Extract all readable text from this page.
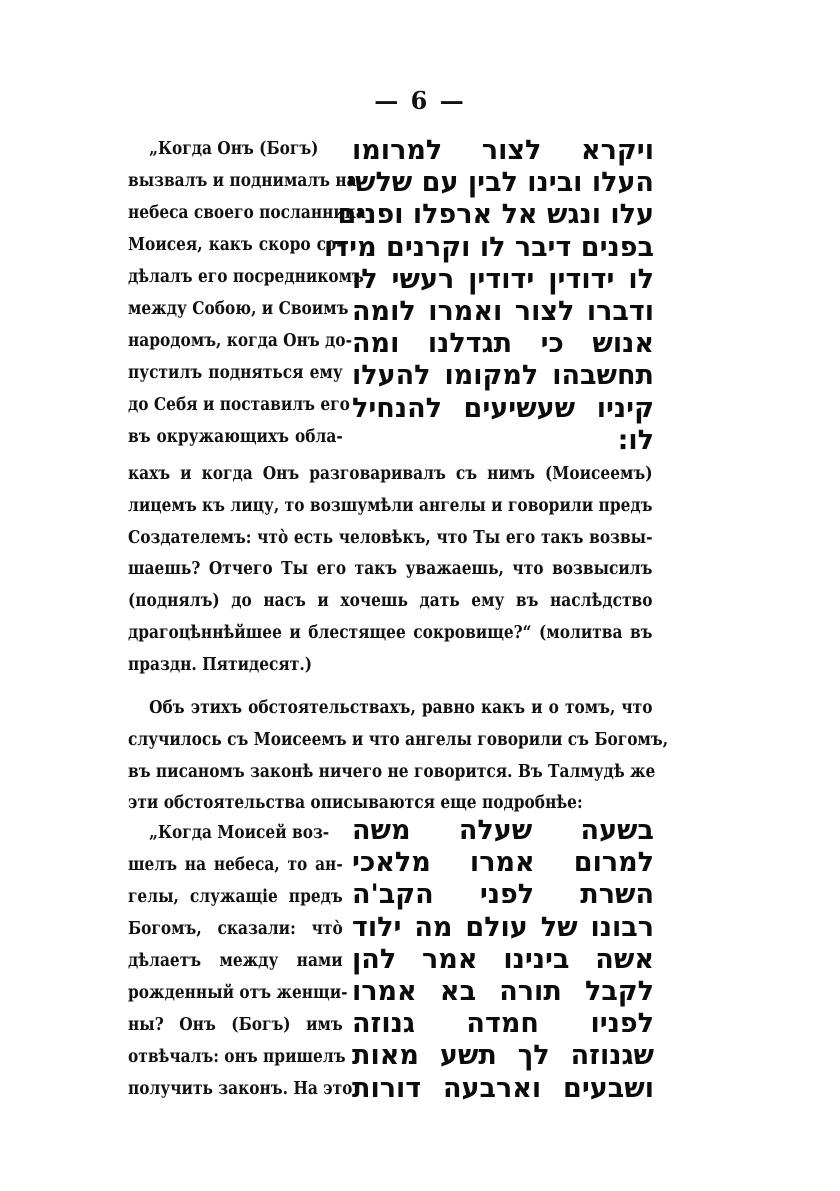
— 6 —
„Когда Онъ (Богъ)
вызвалъ и поднималъ на
небеса своего посланника
Моисея, какъ скоро со-
дѣлалъ его посредникомъ
между Собою, и Своимъ
народомъ, когда Онъ до-
пустилъ подняться ему
до Себя и поставилъ его
въ окружающихъ обла-
ויקרא לצור למרומו
העלו ובינו לבין עם שלשי
עלו ונגש אל ארפלו ופנים
בפנים דיבר לו וקרנים מידו
לו ידודין ידודין רעשי לו
ודברו לצור ואמרו לומה
אנוש כי תגדלנו ומה
תחשבהו למקומו להעלו
קיניו שעשיעים להנחיל
לו:
кахъ и когда Онъ разговаривалъ съ нимъ (Моисеемъ)
лицемъ къ лицу, то возшумѣли ангелы и говорили предъ
Создателемъ: что̀ есть человѣкъ, что Ты его такъ возвы-
шаешь? Отчего Ты его такъ уважаешь, что возвысилъ
(поднялъ) до насъ и хочешь дать ему въ наслѣдство
драгоцѣннѣйшее и блестящее сокровище?“ (молитва въ
праздн. Пятидесят.)
Объ этихъ обстоятельствахъ, равно какъ и о томъ, что
случилось съ Моисеемъ и что ангелы говорили съ Богомъ,
въ писаномъ законѣ ничего не говорится. Въ Талмудѣ же
эти обстоятельства описываются еще подробнѣе:
„Когда Моисей воз-
шелъ на небеса, то ан-
гелы, служащіе предъ
Богомъ, сказали: что̀
дѣлаетъ между нами
рожденный отъ женщи-
ны? Онъ (Богъ) имъ
отвѣчалъ: онъ пришелъ
получить законъ. На это
בשעה שעלה משה
למרום אמרו מלאכי
השרת לפני הקב'ה
רבונו של עולם מה ילוד
אשה בינינו אמר להן
לקבל תורה בא אמרו
לפניו חמדה גנוזה
שגנוזה לך תשע מאות
ושבעים וארבעה דורות
